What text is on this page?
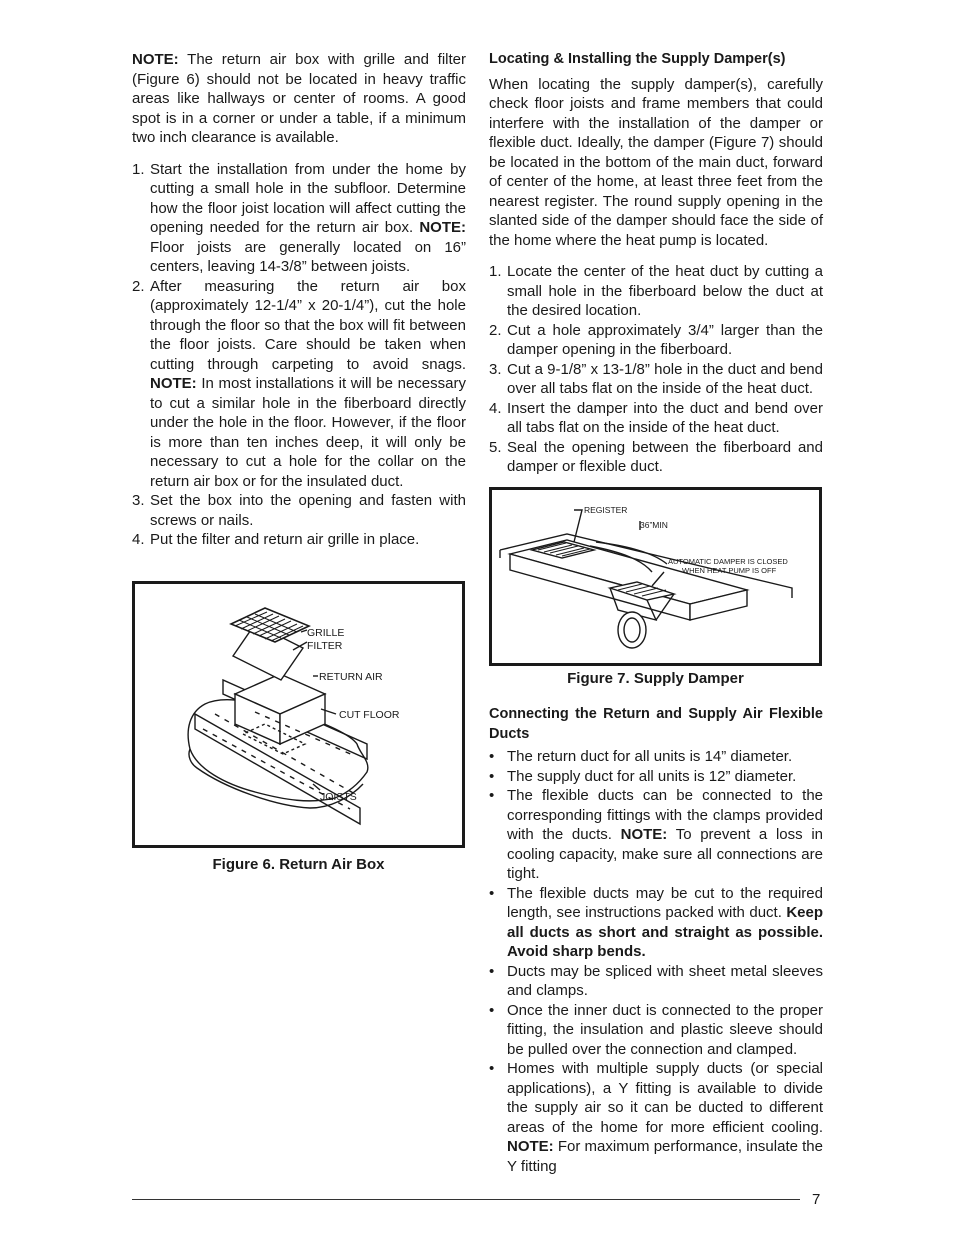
NOTE: The return air box with grille and filter (Figure 6) should not be located in heavy traffic areas like hallways or center of rooms. A good spot is in a corner or under a table, if a minimum two inch clearance is available.

1. Start the installation from under the home by cutting a small hole in the subfloor. Determine how the floor joist location will affect cutting the opening needed for the return air box. NOTE: Floor joists are generally located on 16” centers, leaving 14-3/8” between joists.
2. After measuring the return air box (approximately 12-1/4” x 20-1/4”), cut the hole through the floor so that the box will fit between the floor joists. Care should be taken when cutting through carpeting to avoid snags. NOTE: In most installations it will be necessary to cut a similar hole in the fiberboard directly under the hole in the floor. However, if the floor is more than ten inches deep, it will only be necessary to cut a hole for the collar on the return air box or for the insulated duct.
3. Set the box into the opening and fasten with screws or nails.
4. Put the filter and return air grille in place.
GRILLE
FILTER
RETURN AIR
CUT FLOOR
JOISTS
Figure 6. Return Air Box
Locating & Installing the Supply Damper(s)

When locating the supply damper(s), carefully check floor joists and frame members that could interfere with the installation of the damper or flexible duct. Ideally, the damper (Figure 7) should be located in the bottom of the main duct, forward of center of the home, at least three feet from the nearest register. The round supply opening in the slanted side of the damper should face the side of the home where the heat pump is located.

1. Locate the center of the heat duct by cutting a small hole in the fiberboard below the duct at the desired location.
2. Cut a hole approximately 3/4” larger than the damper opening in the fiberboard.
3. Cut a 9-1/8” x 13-1/8” hole in the duct and bend over all tabs flat on the inside of the heat duct.
4. Insert the damper into the duct and bend over all tabs flat on the inside of the heat duct.
5. Seal the opening between the fiberboard and damper or flexible duct.
REGISTER
36”MIN
AUTOMATIC DAMPER IS CLOSED
WHEN HEAT PUMP IS OFF
Figure 7. Supply Damper
Connecting the Return and Supply Air Flexible Ducts
• The return duct for all units is 14” diameter.
• The supply duct for all units is 12” diameter.
• The flexible ducts can be connected to the corresponding fittings with the clamps provided with the ducts. NOTE: To prevent a loss in cooling capacity, make sure all connections are tight.
• The flexible ducts may be cut to the required length, see instructions packed with duct. Keep all ducts as short and straight as possible. Avoid sharp bends.
• Ducts may be spliced with sheet metal sleeves and clamps.
• Once the inner duct is connected to the proper fitting, the insulation and plastic sleeve should be pulled over the connection and clamped.
• Homes with multiple supply ducts (or special applications), a Y fitting is available to divide the supply air so it can be ducted to different areas of the home for more efficient cooling. NOTE: For maximum performance, insulate the Y fitting
7
